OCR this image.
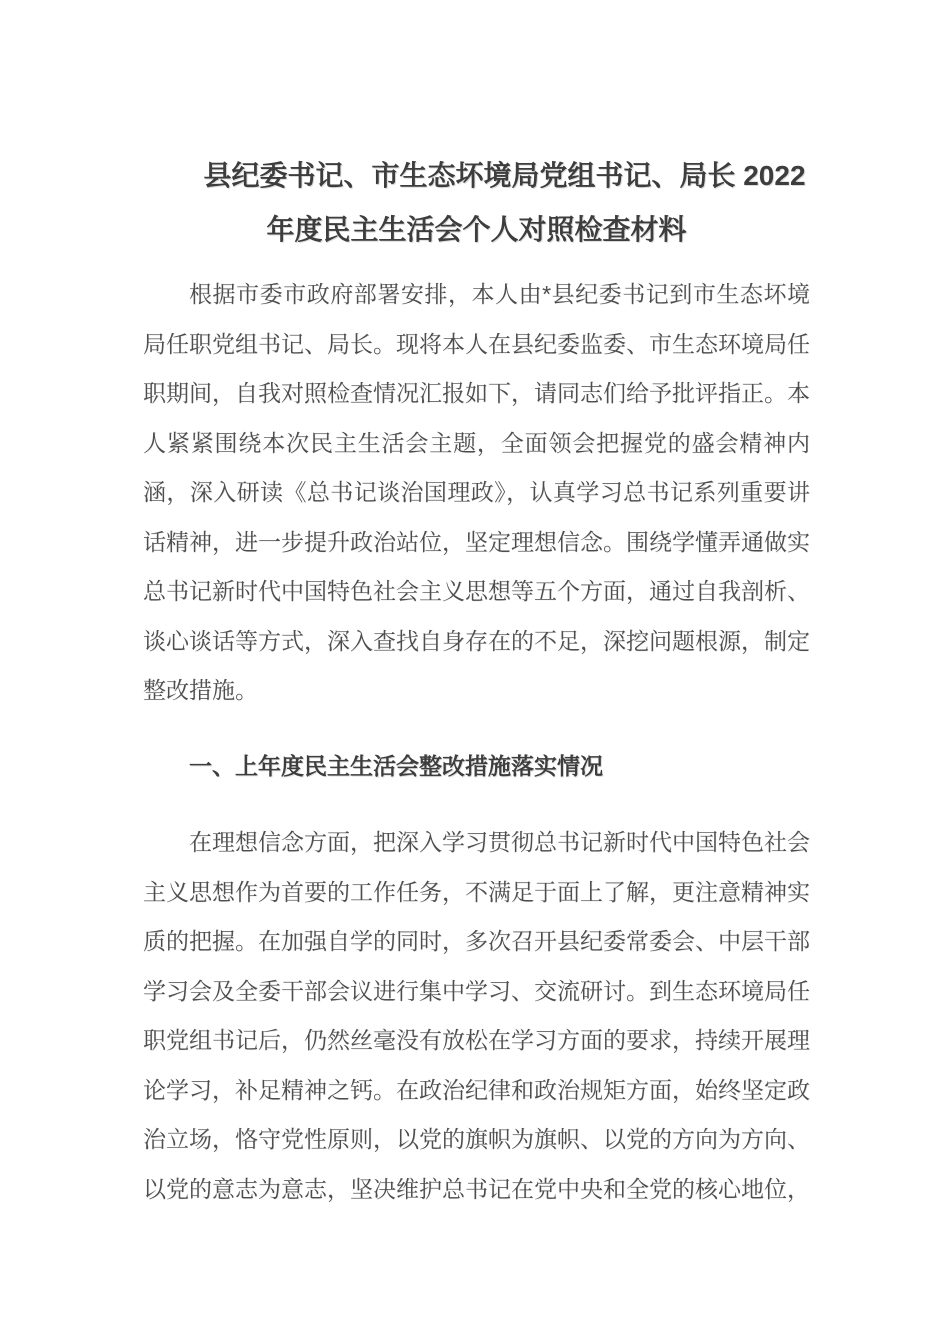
县纪委书记、市生态坏境局党组书记、局长 2022 年度民主生活会个人对照检查材料

根据市委市政府部署安排，本人由*县纪委书记到市生态坏境局任职党组书记、局长。现将本人在县纪委监委、市生态环境局任职期间，自我对照检查情况汇报如下，请同志们给予批评指正。本人紧紧围绕本次民主生活会主题，全面领会把握党的盛会精神内涵，深入研读《总书记谈治国理政》，认真学习总书记系列重要讲话精神，进一步提升政治站位，坚定理想信念。围绕学懂弄通做实总书记新时代中国特色社会主义思想等五个方面，通过自我剖析、谈心谈话等方式，深入查找自身存在的不足，深挖问题根源，制定整改措施。

一、上年度民主生活会整改措施落实情况

在理想信念方面，把深入学习贯彻总书记新时代中国特色社会主义思想作为首要的工作任务，不满足于面上了解，更注意精神实质的把握。在加强自学的同时，多次召开县纪委常委会、中层干部学习会及全委干部会议进行集中学习、交流研讨。到生态环境局任职党组书记后，仍然丝毫没有放松在学习方面的要求，持续开展理论学习，补足精神之钙。在政治纪律和政治规矩方面，始终坚定政治立场，恪守党性原则，以党的旗帜为旗帜、以党的方向为方向、以党的意志为意志，坚决维护总书记在党中央和全党的核心地位，
